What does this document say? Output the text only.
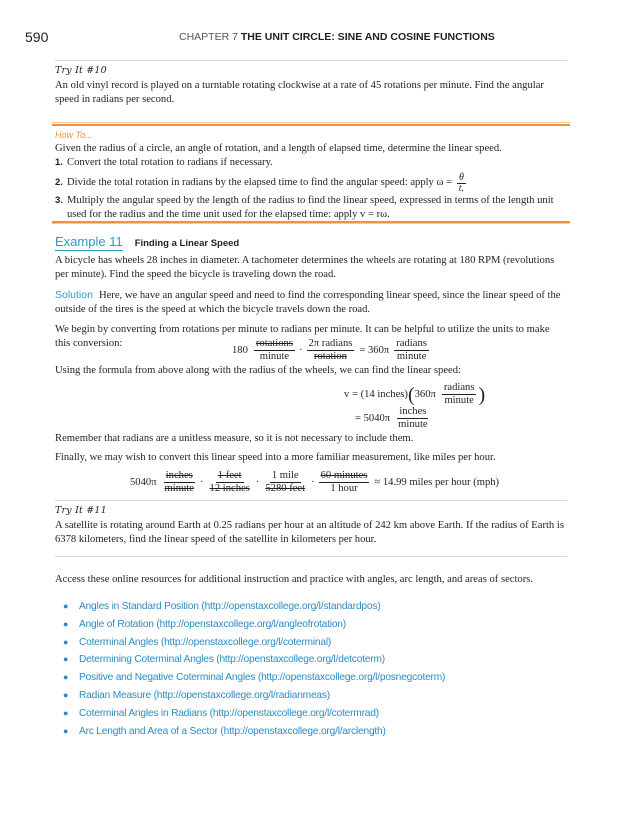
590	CHAPTER 7 THE UNIT CIRCLE: SINE AND COSINE FUNCTIONS
Try It #10
An old vinyl record is played on a turntable rotating clockwise at a rate of 45 rotations per minute. Find the angular speed in radians per second.
How To...
Given the radius of a circle, an angle of rotation, and a length of elapsed time, determine the linear speed.
1. Convert the total rotation to radians if necessary.
2. Divide the total rotation in radians by the elapsed time to find the angular speed: apply $\omega = \frac{\theta}{t.}$
3. Multiply the angular speed by the length of the radius to find the linear speed, expressed in terms of the length unit used for the radius and the time unit used for the elapsed time: apply v = rω.
Example 11 Finding a Linear Speed
A bicycle has wheels 28 inches in diameter. A tachometer determines the wheels are rotating at 180 RPM (revolutions per minute). Find the speed the bicycle is traveling down the road.
Solution Here, we have an angular speed and need to find the corresponding linear speed, since the linear speed of the outside of the tires is the speed at which the bicycle travels down the road.
We begin by converting from rotations per minute to radians per minute. It can be helpful to utilize the units to make this conversion:
$180 \frac{\text{rotations}}{\text{minute}} \cdot \frac{\text{2π radians}}{\text{rotation}} = 360\pi \frac{\text{radians}}{\text{minute}}$
Using the formula from above along with the radius of the wheels, we can find the linear speed:
v = (14 inches) ( $360\pi \frac{\text{radians}}{\text{minute}}$ )
= $5040\pi \frac{\text{inches}}{\text{minute}}$
Remember that radians are a unitless measure, so it is not necessary to include them.
Finally, we may wish to convert this linear speed into a more familiar measurement, like miles per hour.
$5040\pi \frac{\text{inches}}{\text{minute}} \cdot \frac{\text{1 feet}}{\text{12 inches}} \cdot \frac{\text{1 mile}}{\text{5280 feet}} \cdot \frac{\text{60 minutes}}{\text{1 hour}} \approx 14.99$ miles per hour (mph)
Try It #11
A satellite is rotating around Earth at 0.25 radians per hour at an altitude of 242 km above Earth. If the radius of Earth is 6378 kilometers, find the linear speed of the satellite in kilometers per hour.
Access these online resources for additional instruction and practice with angles, arc length, and areas of sectors.
● Angles in Standard Position (http://openstaxcollege.org/l/standardpos)
● Angle of Rotation (http://openstaxcollege.org/l/angleofrotation)
● Coterminal Angles (http://openstaxcollege.org/l/coterminal)
● Determining Coterminal Angles (http://openstaxcollege.org/l/detcoterm)
● Positive and Negative Coterminal Angles (http://openstaxcollege.org/l/posnegcoterm)
● Radian Measure (http://openstaxcollege.org/l/radianmeas)
● Coterminal Angles in Radians (http://openstaxcollege.org/l/cotermrad)
● Arc Length and Area of a Sector (http://openstaxcollege.org/l/arclength)
